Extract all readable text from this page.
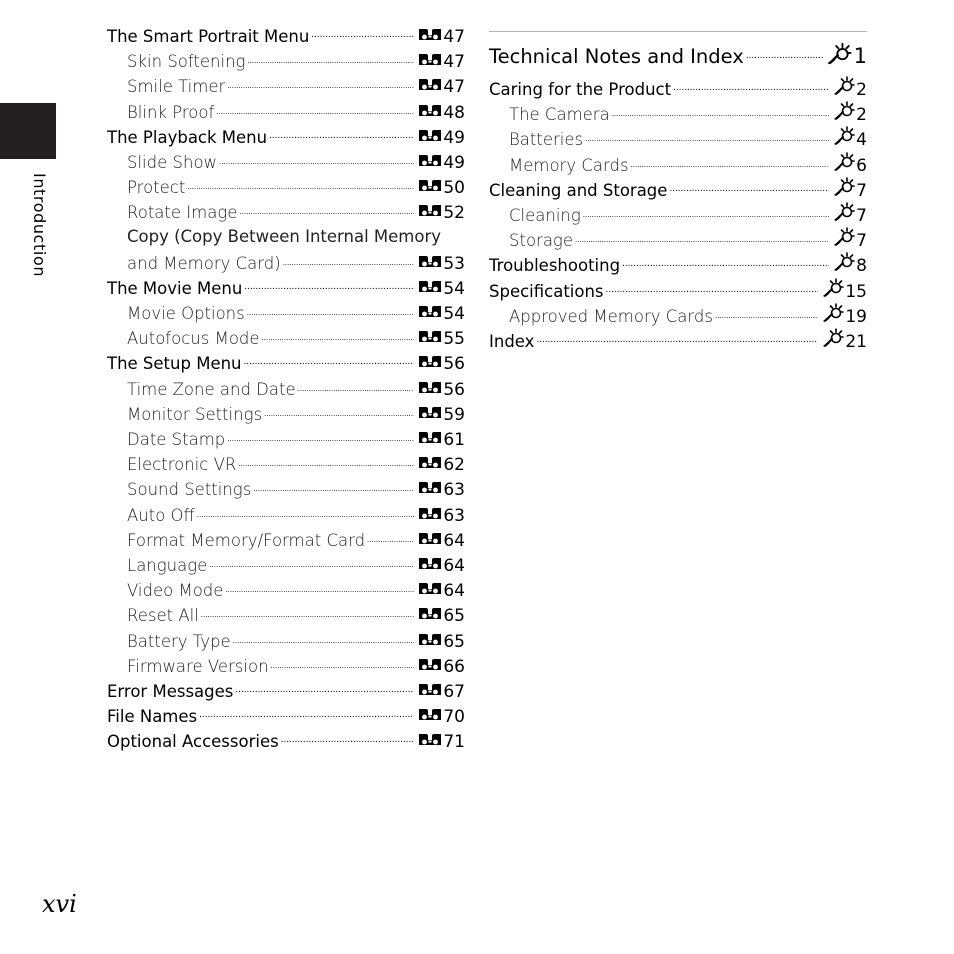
Introduction
The Smart Portrait Menu .....	47
Skin Softening .....	47
Smile Timer .....	47
Blink Proof .....	48
The Playback Menu .....	49
Slide Show .....	49
Protect .....	50
Rotate Image .....	52
Copy (Copy Between Internal Memory
and Memory Card) .....	53
The Movie Menu .....	54
Movie Options .....	54
Autofocus Mode .....	55
The Setup Menu .....	56
Time Zone and Date .....	56
Monitor Settings .....	59
Date Stamp .....	61
Electronic VR .....	62
Sound Settings .....	63
Auto Off .....	63
Format Memory/Format Card .....	64
Language .....	64
Video Mode .....	64
Reset All .....	65
Battery Type .....	65
Firmware Version .....	66
Error Messages .....	67
File Names .....	70
Optional Accessories .....	71
Technical Notes and Index .....	1
Caring for the Product .....	2
The Camera .....	2
Batteries .....	4
Memory Cards .....	6
Cleaning and Storage .....	7
Cleaning .....	7
Storage .....	7
Troubleshooting .....	8
Specifications .....	15
Approved Memory Cards .....	19
Index .....	21
xvi
